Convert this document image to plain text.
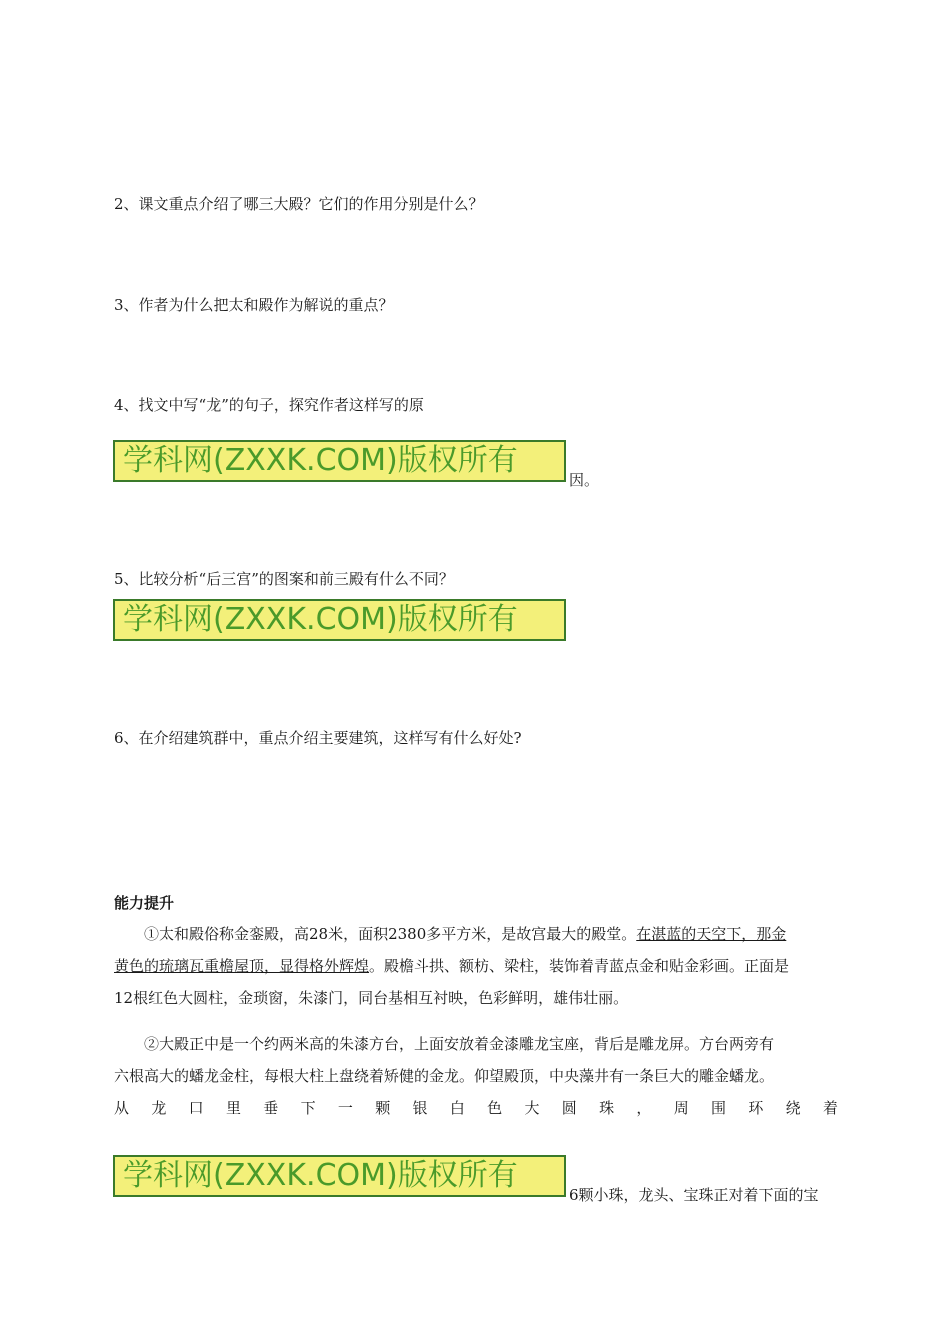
2、课文重点介绍了哪三大殿？它们的作用分别是什么？
3、作者为什么把太和殿作为解说的重点？
4、找文中写“龙”的句子，探究作者这样写的原
学科网(ZXXK.COM)版权所有
因。
5、比较分析“后三宫”的图案和前三殿有什么不同？
学科网(ZXXK.COM)版权所有
6、在介绍建筑群中，重点介绍主要建筑，这样写有什么好处?
能力提升
①太和殿俗称金銮殿，高28米，面积2380多平方米，是故宫最大的殿堂。在湛蓝的天空下，那金
黄色的琉璃瓦重檐屋顶，显得格外辉煌。殿檐斗拱、额枋、梁柱，装饰着青蓝点金和贴金彩画。正面是
12根红色大圆柱，金琐窗，朱漆门，同台基相互衬映，色彩鲜明，雄伟壮丽。
②大殿正中是一个约两米高的朱漆方台，上面安放着金漆雕龙宝座，背后是雕龙屏。方台两旁有
六根高大的蟠龙金柱，每根大柱上盘绕着矫健的金龙。仰望殿顶，中央藻井有一条巨大的雕金蟠龙。
从 龙 口 里 垂 下 一 颗 银 白 色 大 圆 珠 ， 周 围 环 绕 着
学科网(ZXXK.COM)版权所有
6颗小珠，龙头、宝珠正对着下面的宝
